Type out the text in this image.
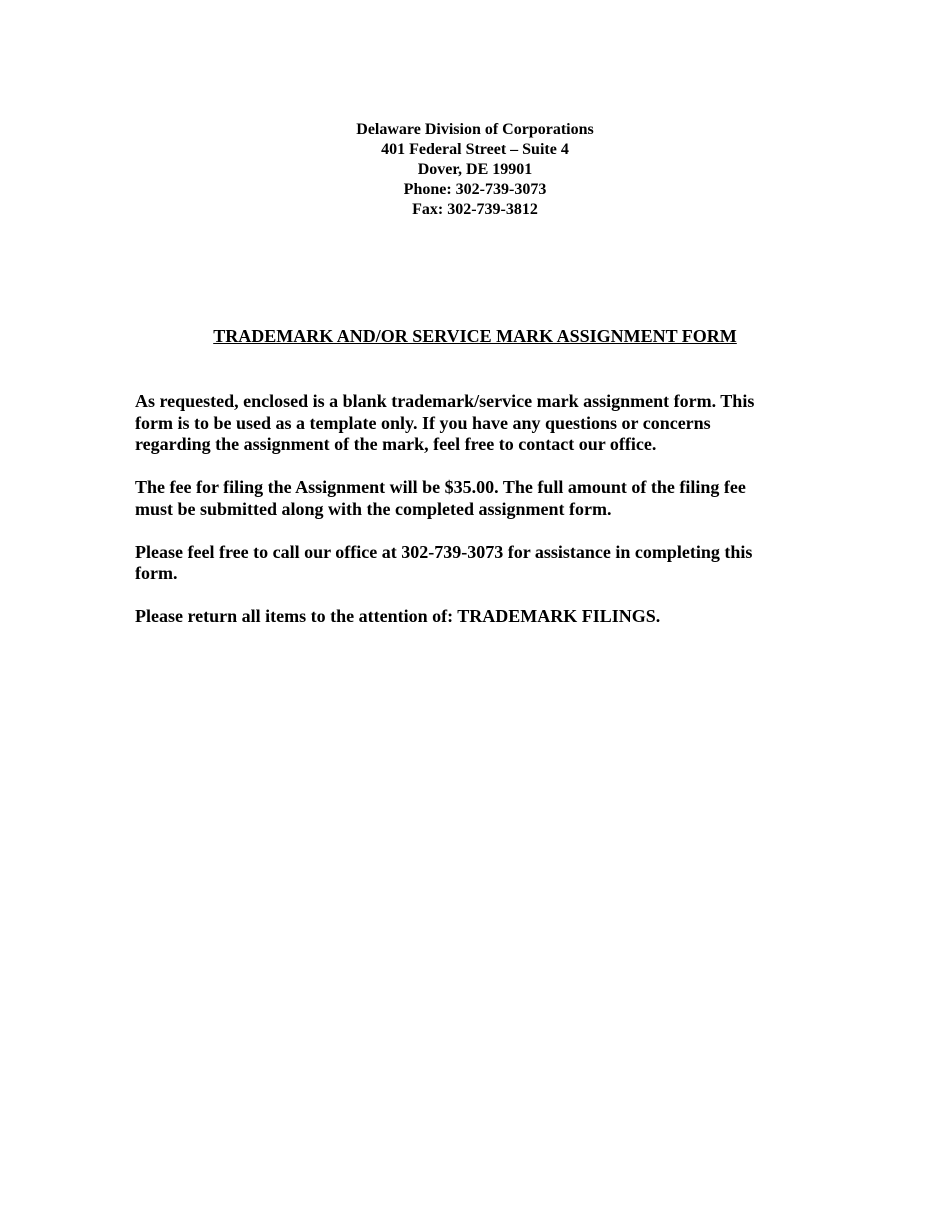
Delaware Division of Corporations
401 Federal Street – Suite 4
Dover, DE 19901
Phone: 302-739-3073
Fax: 302-739-3812
TRADEMARK AND/OR SERVICE MARK ASSIGNMENT FORM
As requested, enclosed is a blank trademark/service mark assignment form. This
form is to be used as a template only. If you have any questions or concerns
regarding the assignment of the mark, feel free to contact our office.
The fee for filing the Assignment will be $35.00. The full amount of the filing fee
must be submitted along with the completed assignment form.
Please feel free to call our office at 302-739-3073 for assistance in completing this
form.
Please return all items to the attention of: TRADEMARK FILINGS.
